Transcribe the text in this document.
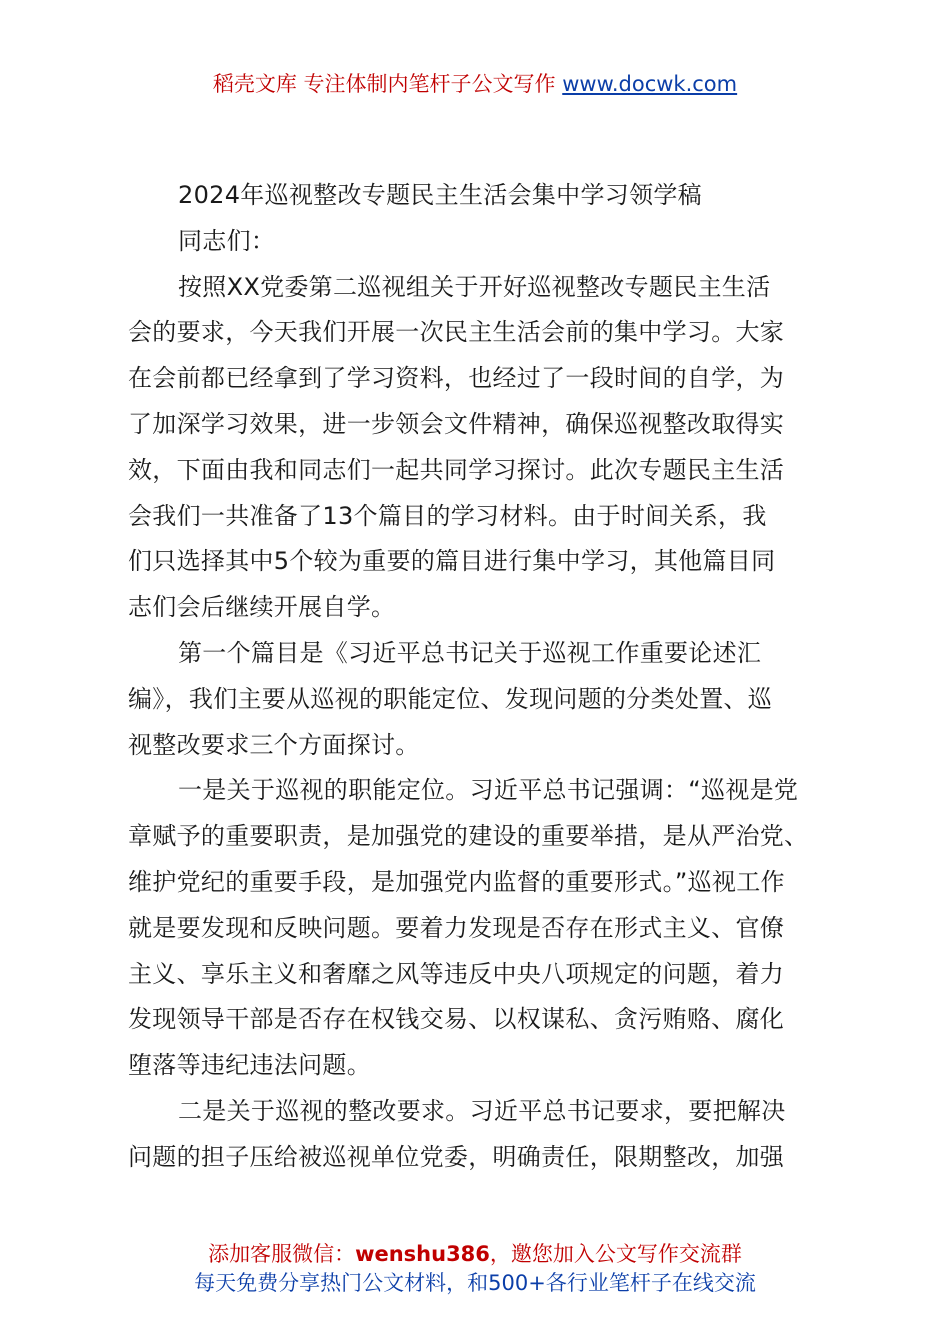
稻壳文库 专注体制内笔杆子公文写作 www.docwk.com

2024年巡视整改专题民主生活会集中学习领学稿

同志们：

按照XX党委第二巡视组关于开好巡视整改专题民主生活
会的要求，今天我们开展一次民主生活会前的集中学习。大家
在会前都已经拿到了学习资料，也经过了一段时间的自学，为
了加深学习效果，进一步领会文件精神，确保巡视整改取得实
效，下面由我和同志们一起共同学习探讨。此次专题民主生活
会我们一共准备了13个篇目的学习材料。由于时间关系，我
们只选择其中5个较为重要的篇目进行集中学习，其他篇目同
志们会后继续开展自学。

第一个篇目是《习近平总书记关于巡视工作重要论述汇
编》，我们主要从巡视的职能定位、发现问题的分类处置、巡
视整改要求三个方面探讨。

一是关于巡视的职能定位。习近平总书记强调：“巡视是党
章赋予的重要职责，是加强党的建设的重要举措，是从严治党、
维护党纪的重要手段，是加强党内监督的重要形式。”巡视工作
就是要发现和反映问题。要着力发现是否存在形式主义、官僚
主义、享乐主义和奢靡之风等违反中央八项规定的问题，着力
发现领导干部是否存在权钱交易、以权谋私、贪污贿赂、腐化
堕落等违纪违法问题。

二是关于巡视的整改要求。习近平总书记要求，要把解决
问题的担子压给被巡视单位党委，明确责任，限期整改，加强

添加客服微信：wenshu386，邀您加入公文写作交流群
每天免费分享热门公文材料，和500+各行业笔杆子在线交流
